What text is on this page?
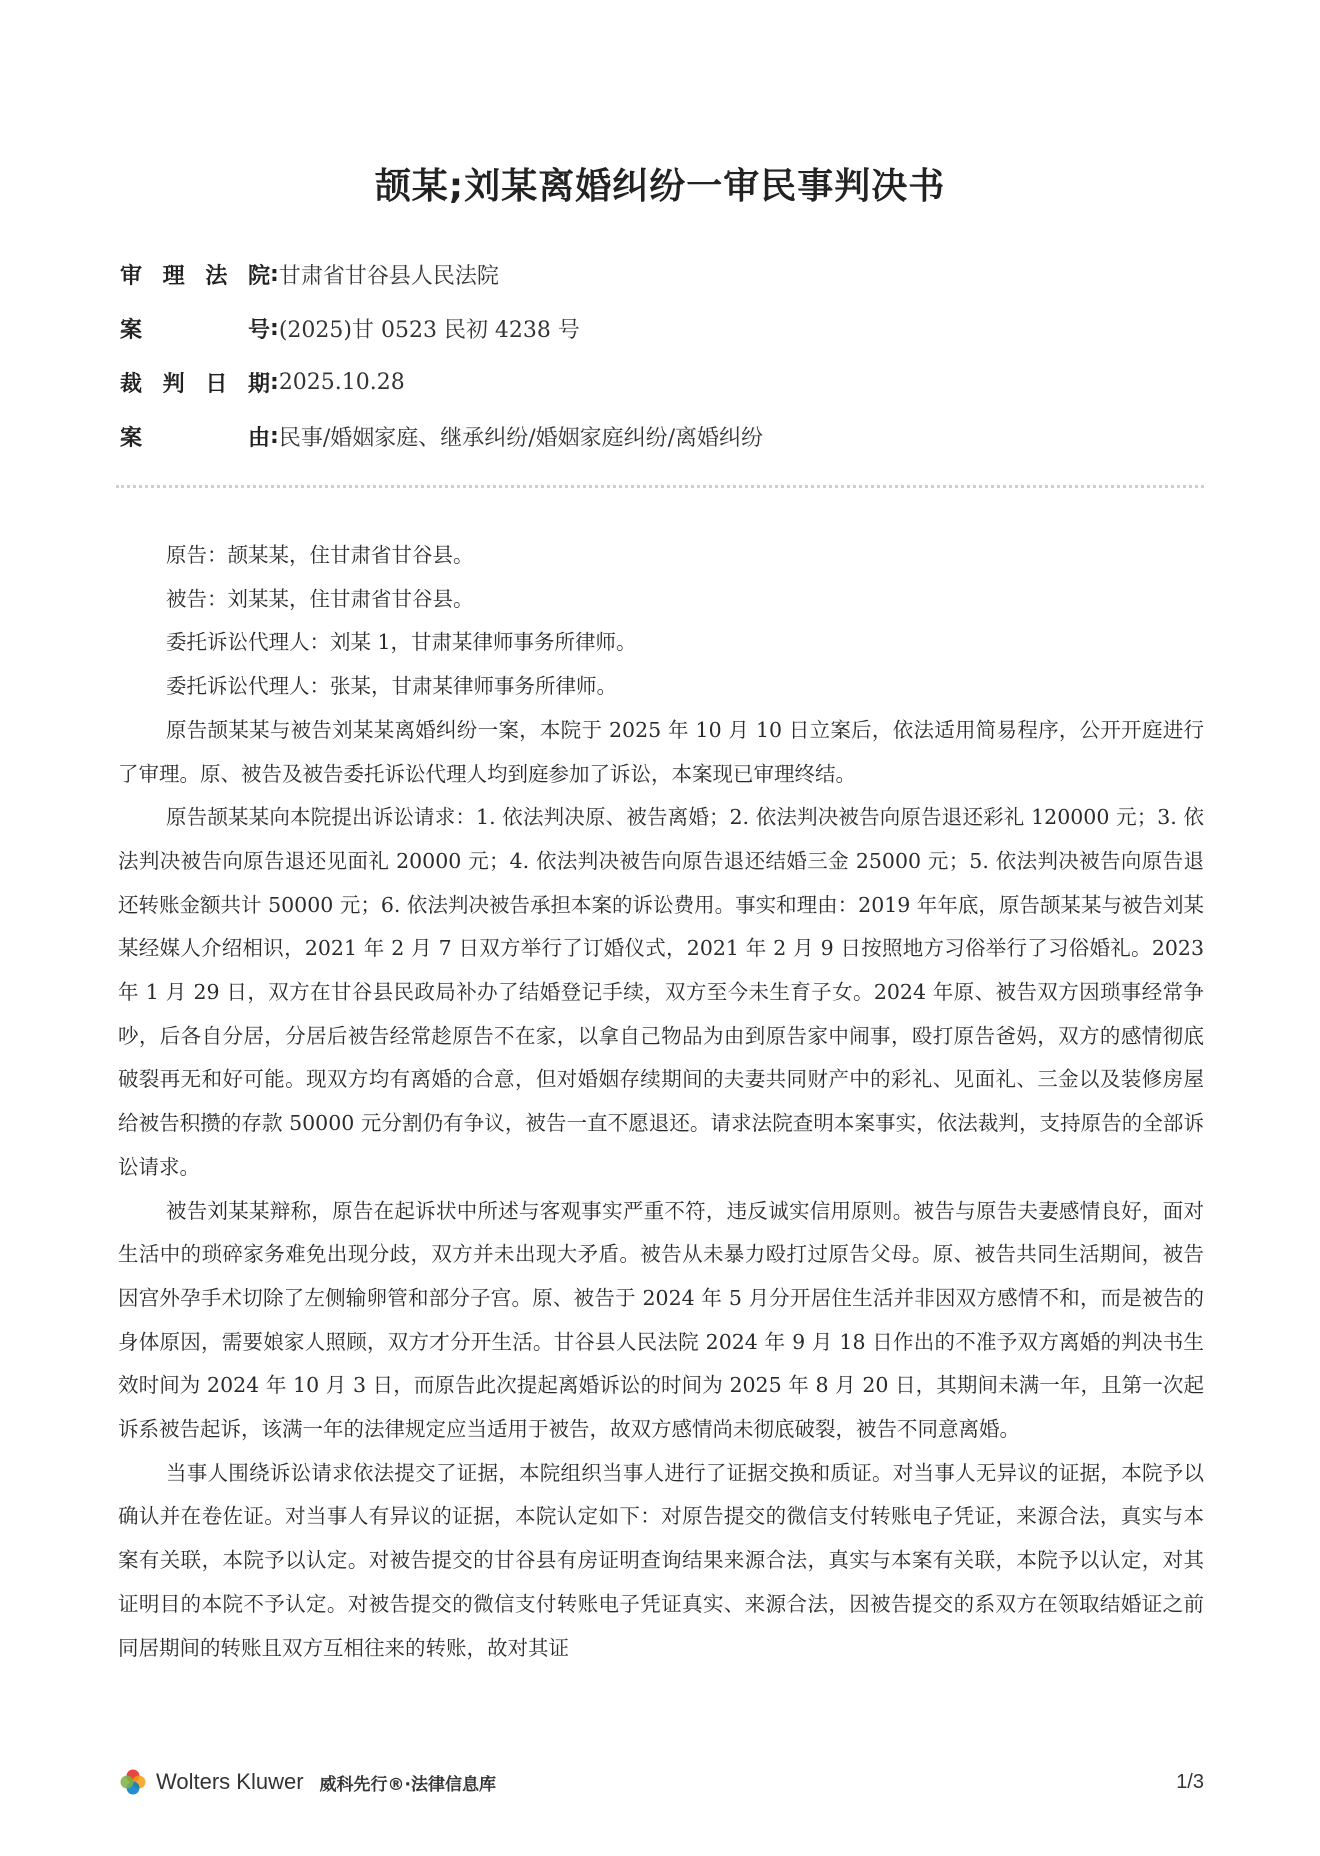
颉某;刘某离婚纠纷一审民事判决书
审 理 法 院 : 甘肃省甘谷县人民法院
案	号 : (2025)甘 0523 民初 4238 号
裁 判 日 期 : 2025.10.28
案	由 : 民事/婚姻家庭、继承纠纷/婚姻家庭纠纷/离婚纠纷

原告：颉某某，住甘肃省甘谷县。

被告：刘某某，住甘肃省甘谷县。

委托诉讼代理人：刘某 1，甘肃某律师事务所律师。

委托诉讼代理人：张某，甘肃某律师事务所律师。

原告颉某某与被告刘某某离婚纠纷一案，本院于 2025 年 10 月 10 日立案后，依法适用简易程序，公开开庭进行了审理。原、被告及被告委托诉讼代理人均到庭参加了诉讼，本案现已审理终结。

原告颉某某向本院提出诉讼请求：1. 依法判决原、被告离婚；2. 依法判决被告向原告退还彩礼 120000 元；3. 依法判决被告向原告退还见面礼 20000 元；4. 依法判决被告向原告退还结婚三金 25000 元；5. 依法判决被告向原告退还转账金额共计 50000 元；6. 依法判决被告承担本案的诉讼费用。事实和理由：2019 年年底，原告颉某某与被告刘某某经媒人介绍相识，2021 年 2 月 7 日双方举行了订婚仪式，2021 年 2 月 9 日按照地方习俗举行了习俗婚礼。2023 年 1 月 29 日，双方在甘谷县民政局补办了结婚登记手续，双方至今未生育子女。2024 年原、被告双方因琐事经常争吵，后各自分居，分居后被告经常趁原告不在家，以拿自己物品为由到原告家中闹事，殴打原告爸妈，双方的感情彻底破裂再无和好可能。现双方均有离婚的合意，但对婚姻存续期间的夫妻共同财产中的彩礼、见面礼、三金以及装修房屋给被告积攒的存款 50000 元分割仍有争议，被告一直不愿退还。请求法院查明本案事实，依法裁判，支持原告的全部诉讼请求。

被告刘某某辩称，原告在起诉状中所述与客观事实严重不符，违反诚实信用原则。被告与原告夫妻感情良好，面对生活中的琐碎家务难免出现分歧，双方并未出现大矛盾。被告从未暴力殴打过原告父母。原、被告共同生活期间，被告因宫外孕手术切除了左侧输卵管和部分子宫。原、被告于 2024 年 5 月分开居住生活并非因双方感情不和，而是被告的身体原因，需要娘家人照顾，双方才分开生活。甘谷县人民法院 2024 年 9 月 18 日作出的不准予双方离婚的判决书生效时间为 2024 年 10 月 3 日，而原告此次提起离婚诉讼的时间为 2025 年 8 月 20 日，其期间未满一年，且第一次起诉系被告起诉，该满一年的法律规定应当适用于被告，故双方感情尚未彻底破裂，被告不同意离婚。

当事人围绕诉讼请求依法提交了证据，本院组织当事人进行了证据交换和质证。对当事人无异议的证据，本院予以确认并在卷佐证。对当事人有异议的证据，本院认定如下：对原告提交的微信支付转账电子凭证，来源合法，真实与本案有关联，本院予以认定。对被告提交的甘谷县有房证明查询结果来源合法，真实与本案有关联，本院予以认定，对其证明目的本院不予认定。对被告提交的微信支付转账电子凭证真实、来源合法，因被告提交的系双方在领取结婚证之前同居期间的转账且双方互相往来的转账，故对其证

Wolters Kluwer 威科先行®·法律信息库	1/3
